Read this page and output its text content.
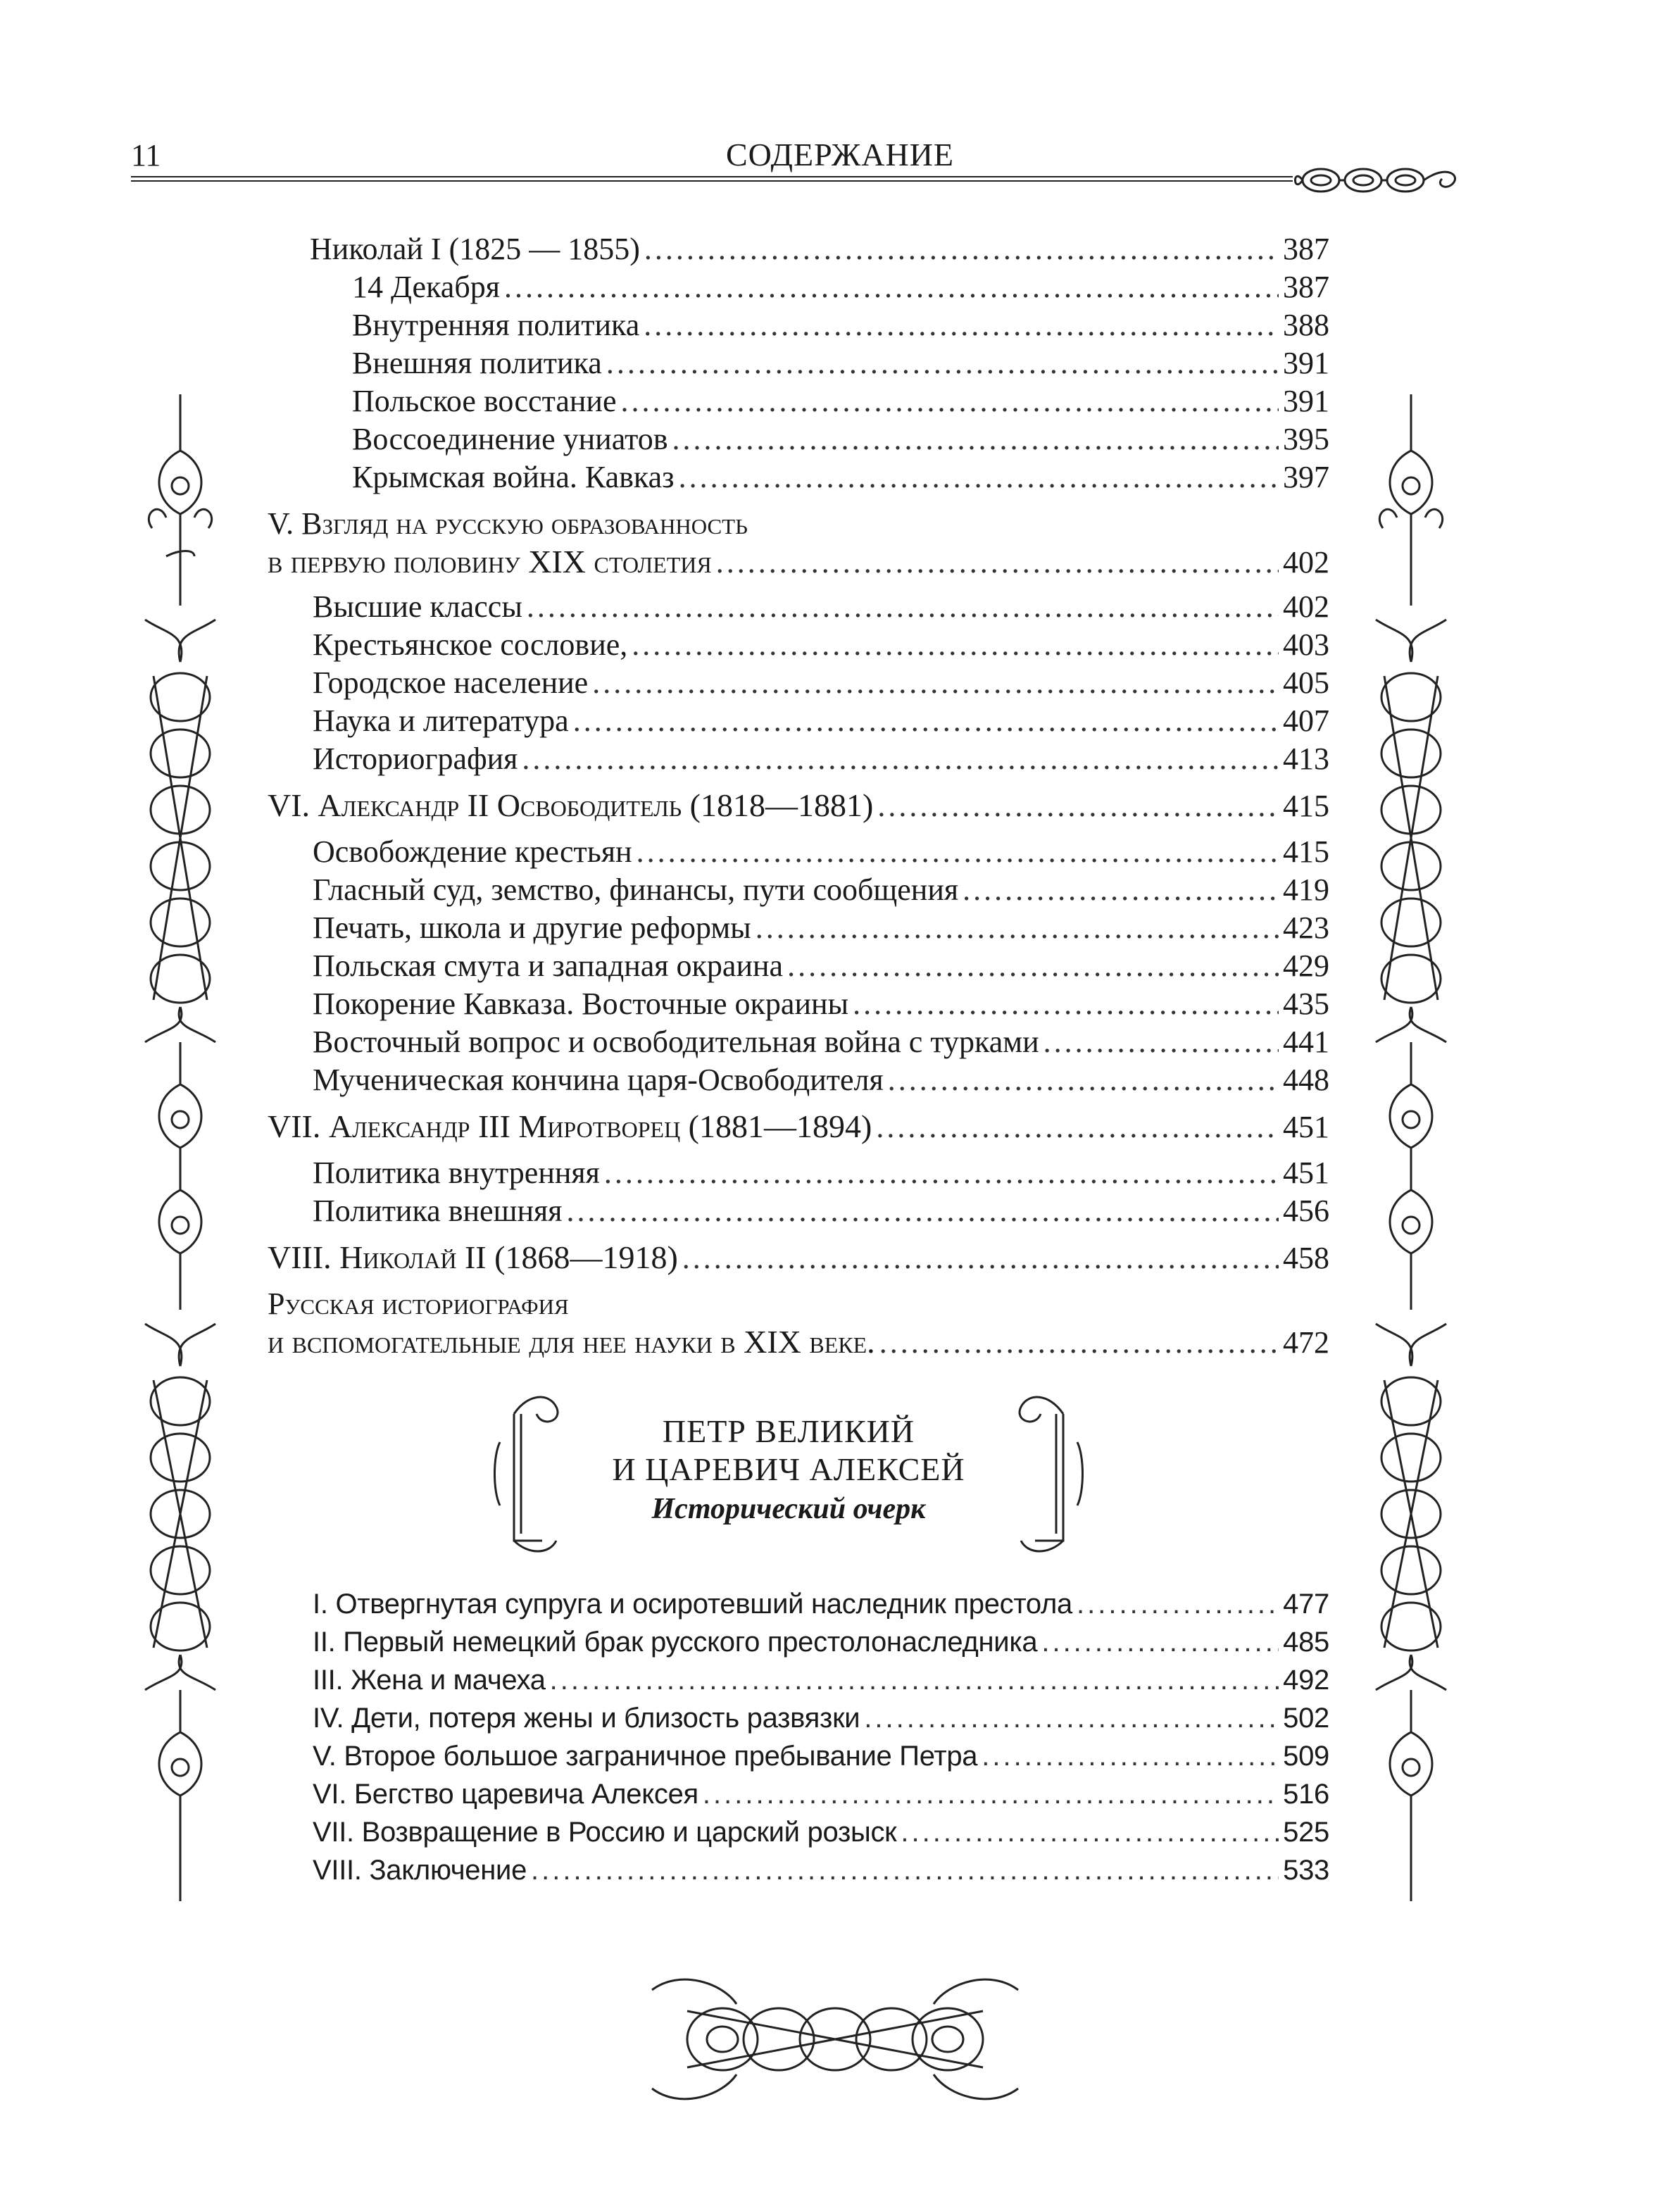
11	СОДЕРЖАНИЕ
Николай I (1825 — 1855) .....	387
14 Декабря .....	387
Внутренняя политика .....	388
Внешняя политика .....	391
Польское восстание .....	391
Воссоединение униатов .....	395
Крымская война. Кавказ .....	397
V. Взгляд на русскую образованность
в первую половину XIX столетия .....	402
Высшие классы .....	402
Крестьянское сословие, .....	403
Городское население .....	405
Наука и литература .....	407
Историография .....	413
VI. Александр II Освободитель (1818—1881) .....	415
Освобождение крестьян .....	415
Гласный суд, земство, финансы, пути сообщения .....	419
Печать, школа и другие реформы .....	423
Польская смута и западная окраина .....	429
Покорение Кавказа. Восточные окраины .....	435
Восточный вопрос и освободительная война с турками .....	441
Мученическая кончина царя-Освободителя .....	448
VII. Александр III Миротворец (1881—1894) .....	451
Политика внутренняя .....	451
Политика внешняя .....	456
VIII. Николай II (1868—1918) .....	458
Русская историография
и вспомогательные для нее науки в XIX веке. .....	472
ПЕТР ВЕЛИКИЙ
И ЦАРЕВИЧ АЛЕКСЕЙ
Исторический очерк
I. Отвергнутая супруга и осиротевший наследник престола .....	477
II. Первый немецкий брак русского престолонаследника .....	485
III. Жена и мачеха .....	492
IV. Дети, потеря жены и близость развязки .....	502
V. Второе большое заграничное пребывание Петра .....	509
VI. Бегство царевича Алексея .....	516
VII. Возвращение в Россию и царский розыск .....	525
VIII. Заключение .....	533
